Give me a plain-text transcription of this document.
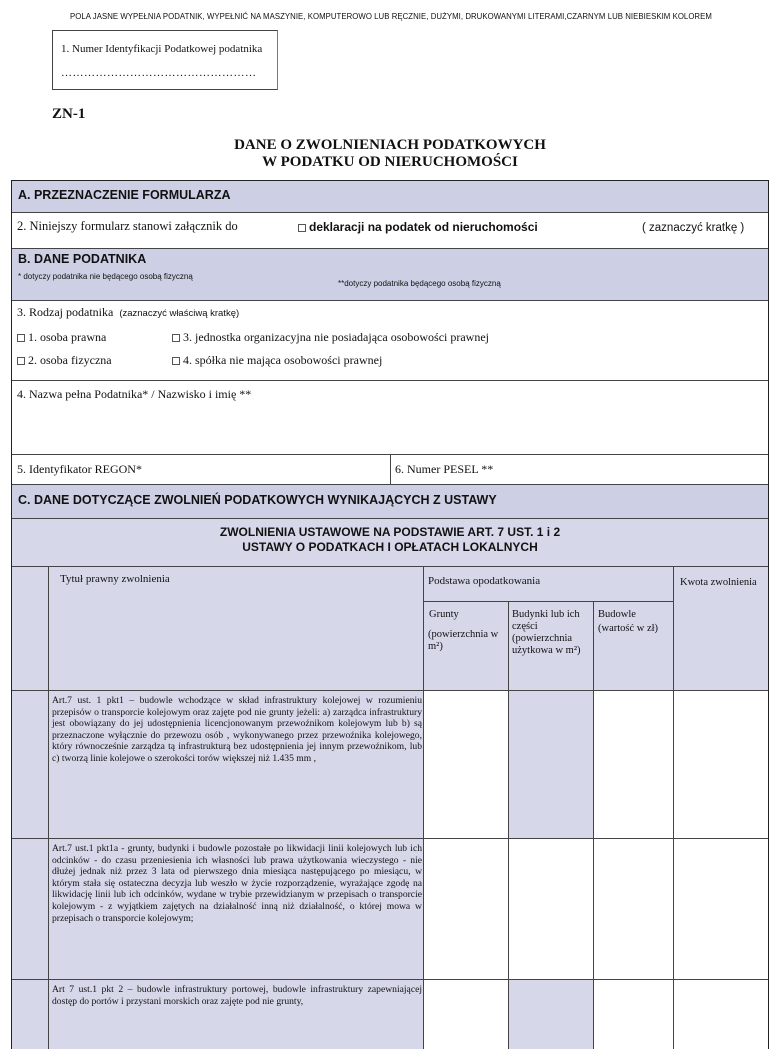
POLA JASNE WYPEŁNIA PODATNIK, WYPEŁNIĆ NA MASZYNIE, KOMPUTEROWO LUB RĘCZNIE, DUŻYMI, DRUKOWANYMI LITERAMI,CZARNYM LUB NIEBIESKIM KOLOREM
1. Numer Identyfikacji Podatkowej podatnika
……………………………………………
ZN-1
DANE O ZWOLNIENIACH PODATKOWYCH
W PODATKU OD NIERUCHOMOŚCI
A. PRZEZNACZENIE FORMULARZA
2. Niniejszy formularz stanowi załącznik do	deklaracji na podatek od nieruchomości	( zaznaczyć kratkę )
B. DANE PODATNIKA
* dotyczy podatnika nie będącego osobą fizyczną
**dotyczy podatnika będącego osobą fizyczną
3. Rodzaj podatnika (zaznaczyć właściwą kratkę)
1. osoba prawna	3. jednostka organizacyjna nie posiadająca osobowości prawnej
2. osoba fizyczna	4. spółka nie mająca osobowości prawnej
4. Nazwa pełna Podatnika* / Nazwisko i imię **
5. Identyfikator REGON*	6. Numer PESEL **
C. DANE DOTYCZĄCE ZWOLNIEŃ PODATKOWYCH WYNIKAJĄCYCH Z USTAWY
ZWOLNIENIA USTAWOWE NA PODSTAWIE ART. 7 UST. 1 i 2
USTAWY O PODATKACH I OPŁATACH LOKALNYCH
Tytuł prawny zwolnienia	Podstawa opodatkowania	Kwota zwolnienia
Grunty
(powierzchnia w m²)
Budynki lub ich części
(powierzchnia użytkowa w m²)
Budowle
(wartość w zł)
Art.7 ust. 1 pkt1 – budowle wchodzące w skład infrastruktury kolejowej w rozumieniu przepisów o transporcie kolejowym oraz zajęte pod nie grunty jeżeli: a) zarządca infrastruktury jest obowiązany do jej udostępnienia licencjonowanym przewoźnikom kolejowym lub b) są przeznaczone wyłącznie do przewozu osób , wykonywanego przez przewoźnika kolejowego, który równocześnie zarządza tą infrastrukturą bez udostępnienia jej innym przewoźnikom, lub c) tworzą linie kolejowe o szerokości torów większej niż 1.435 mm ,
Art.7 ust.1 pkt1a - grunty, budynki i budowle pozostałe po likwidacji linii kolejowych lub ich odcinków - do czasu przeniesienia ich własności lub prawa użytkowania wieczystego - nie dłużej jednak niż przez 3 lata od pierwszego dnia miesiąca następującego po miesiącu, w którym stała się ostateczna decyzja lub weszło w życie rozporządzenie, wyrażające zgodę na likwidację linii lub ich odcinków, wydane w trybie przewidzianym w przepisach o transporcie kolejowym - z wyjątkiem zajętych na działalność inną niż działalność, o której mowa w przepisach o transporcie kolejowym;
Art 7 ust.1 pkt 2 – budowle infrastruktury portowej, budowle infrastruktury zapewniającej dostęp do portów i przystani morskich oraz zajęte pod nie grunty,
